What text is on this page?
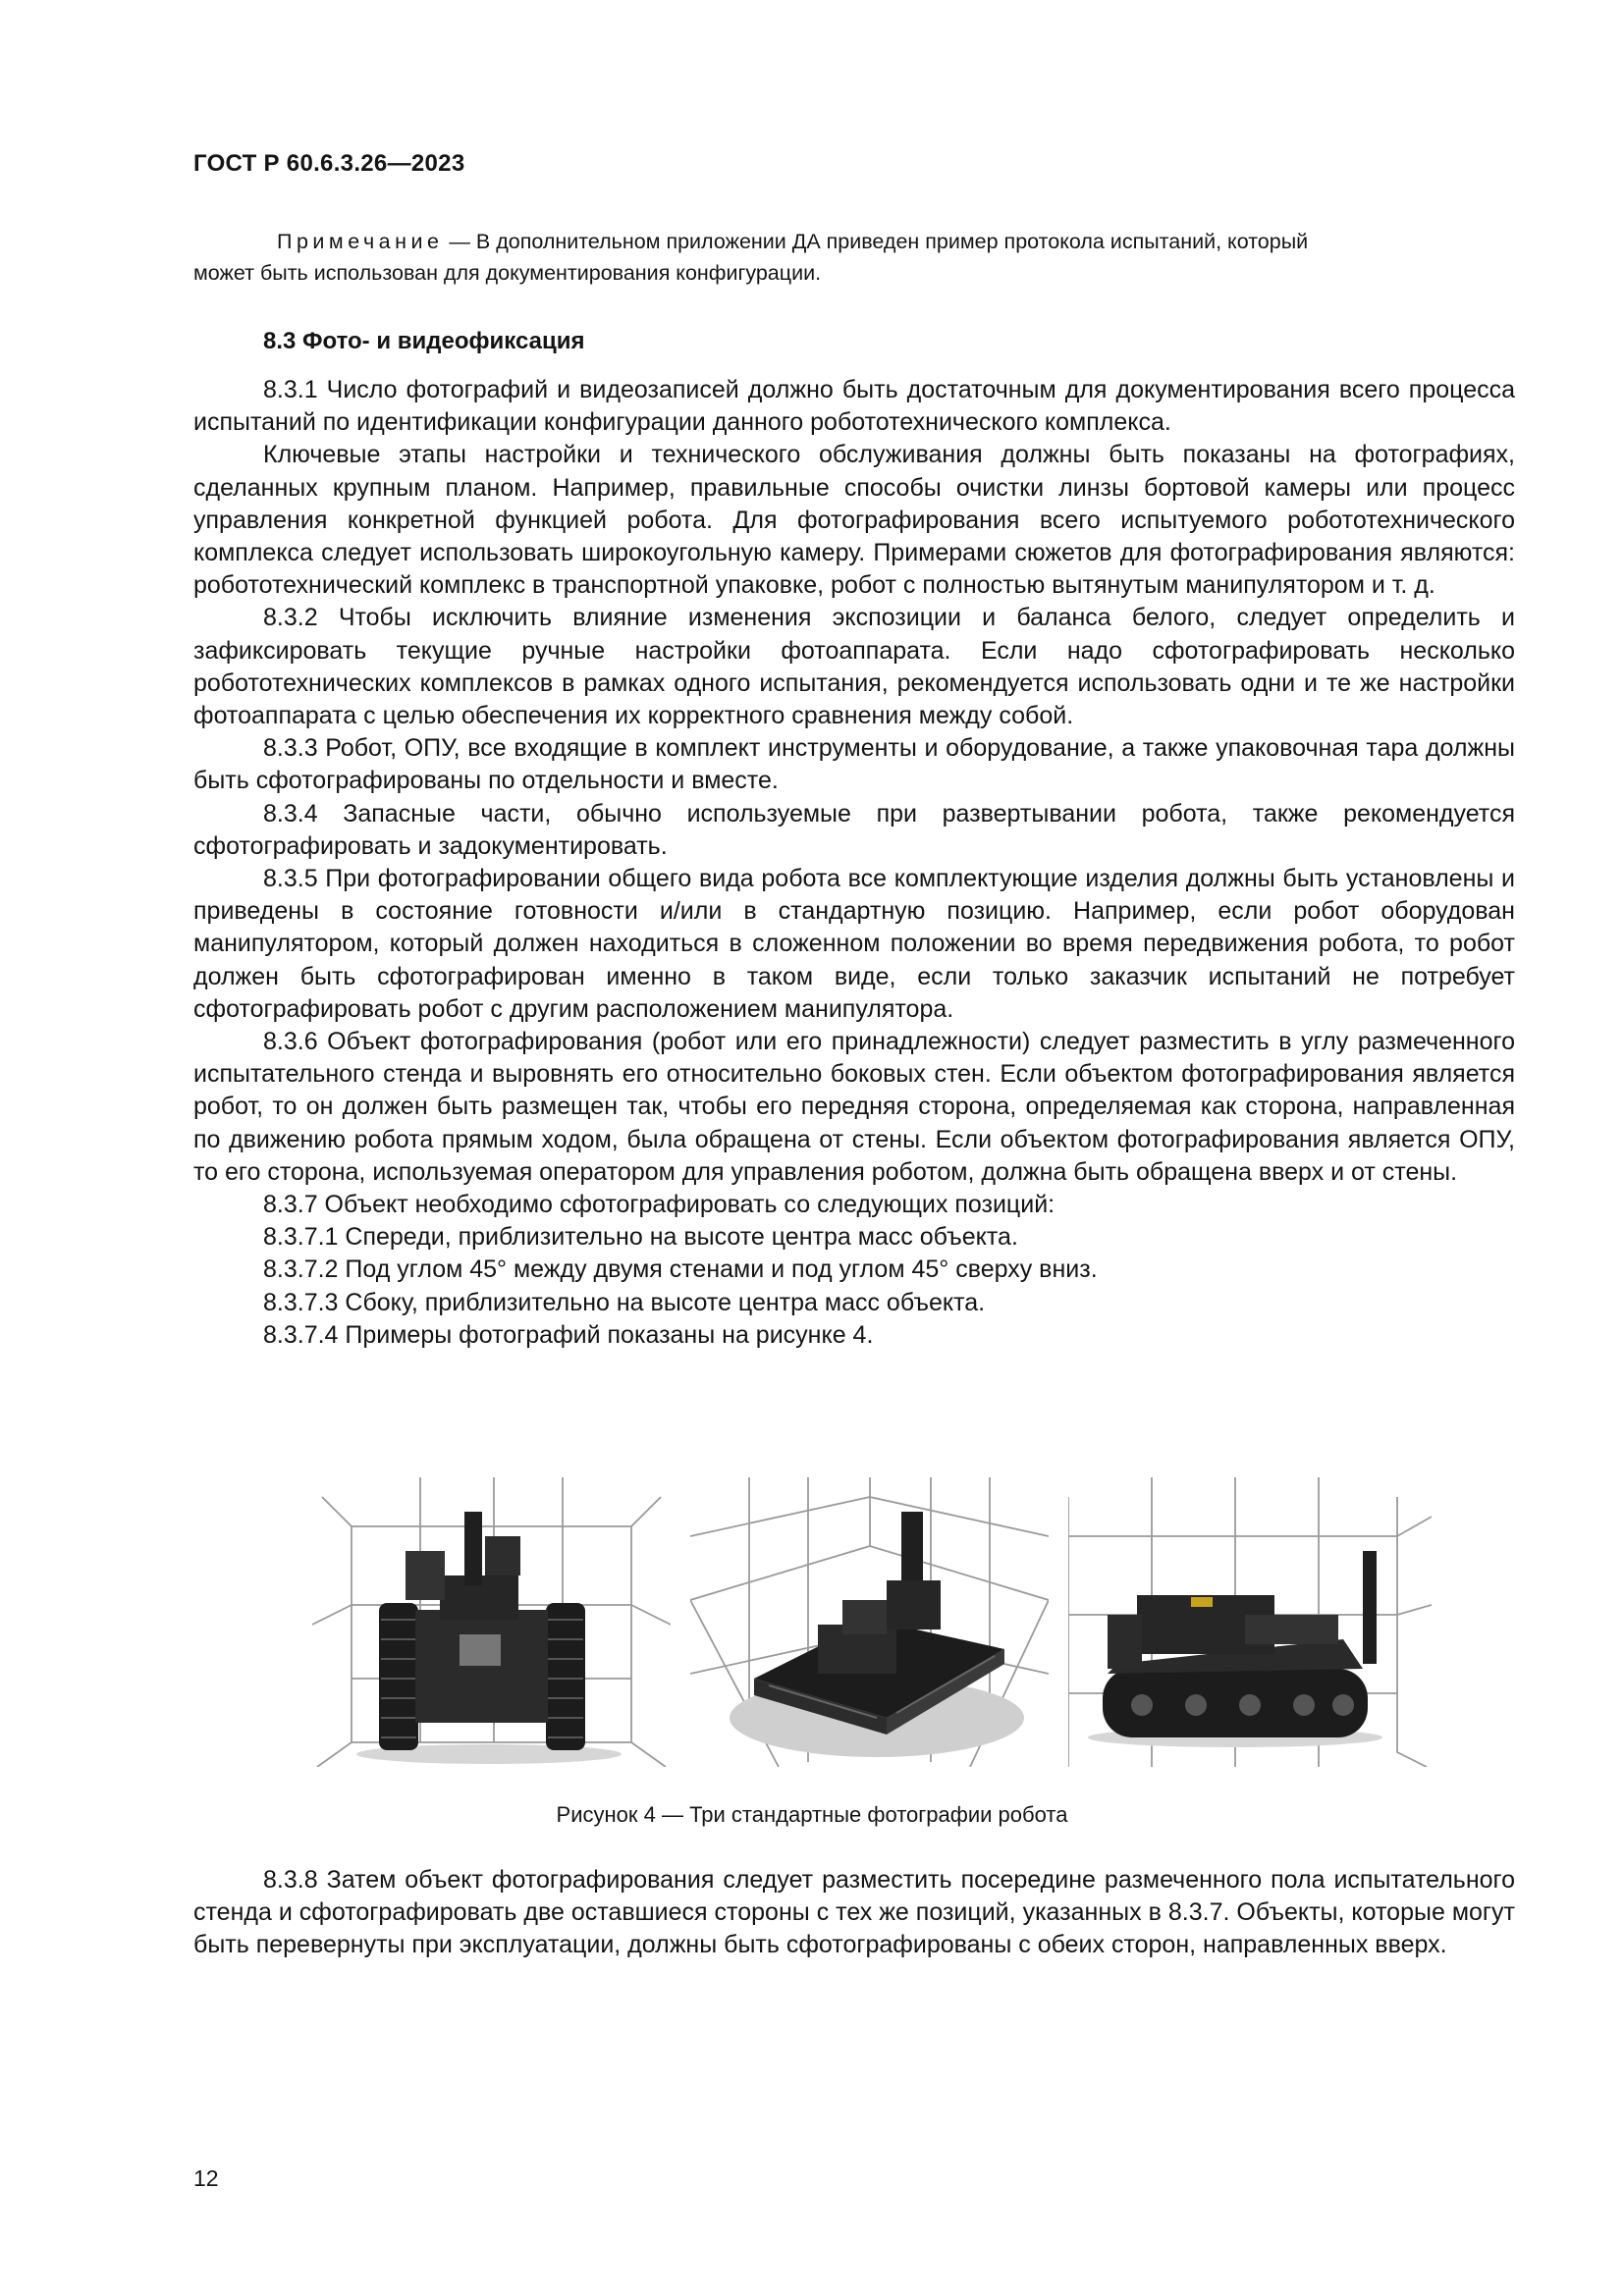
ГОСТ Р 60.6.3.26—2023

Примечание — В дополнительном приложении ДА приведен пример протокола испытаний, который

может быть использован для документирования конфигурации.

8.3 Фото- и видеофиксация

8.3.1 Число фотографий и видеозаписей должно быть достаточным для документирования всего процесса испытаний по идентификации конфигурации данного робототехнического комплекса.

Ключевые этапы настройки и технического обслуживания должны быть показаны на фотографиях, сделанных крупным планом. Например, правильные способы очистки линзы бортовой камеры или процесс управления конкретной функцией робота. Для фотографирования всего испытуемого робототехнического комплекса следует использовать широкоугольную камеру. Примерами сюжетов для фотографирования являются: робототехнический комплекс в транспортной упаковке, робот с полностью вытянутым манипулятором и т. д.

8.3.2 Чтобы исключить влияние изменения экспозиции и баланса белого, следует определить и зафиксировать текущие ручные настройки фотоаппарата. Если надо сфотографировать несколько робототехнических комплексов в рамках одного испытания, рекомендуется использовать одни и те же настройки фотоаппарата с целью обеспечения их корректного сравнения между собой.

8.3.3 Робот, ОПУ, все входящие в комплект инструменты и оборудование, а также упаковочная тара должны быть сфотографированы по отдельности и вместе.

8.3.4 Запасные части, обычно используемые при развертывании робота, также рекомендуется сфотографировать и задокументировать.

8.3.5 При фотографировании общего вида робота все комплектующие изделия должны быть установлены и приведены в состояние готовности и/или в стандартную позицию. Например, если робот оборудован манипулятором, который должен находиться в сложенном положении во время передвижения робота, то робот должен быть сфотографирован именно в таком виде, если только заказчик испытаний не потребует сфотографировать робот с другим расположением манипулятора.

8.3.6 Объект фотографирования (робот или его принадлежности) следует разместить в углу размеченного испытательного стенда и выровнять его относительно боковых стен. Если объектом фотографирования является робот, то он должен быть размещен так, чтобы его передняя сторона, определяемая как сторона, направленная по движению робота прямым ходом, была обращена от стены. Если объектом фотографирования является ОПУ, то его сторона, используемая оператором для управления роботом, должна быть обращена вверх и от стены.

8.3.7 Объект необходимо сфотографировать со следующих позиций:

8.3.7.1 Спереди, приблизительно на высоте центра масс объекта.

8.3.7.2 Под углом 45° между двумя стенами и под углом 45° сверху вниз.

8.3.7.3 Сбоку, приблизительно на высоте центра масс объекта.

8.3.7.4 Примеры фотографий показаны на рисунке 4.

Рисунок 4 — Три стандартные фотографии робота

8.3.8 Затем объект фотографирования следует разместить посередине размеченного пола испытательного стенда и сфотографировать две оставшиеся стороны с тех же позиций, указанных в 8.3.7. Объекты, которые могут быть перевернуты при эксплуатации, должны быть сфотографированы с обеих сторон, направленных вверх.

12
